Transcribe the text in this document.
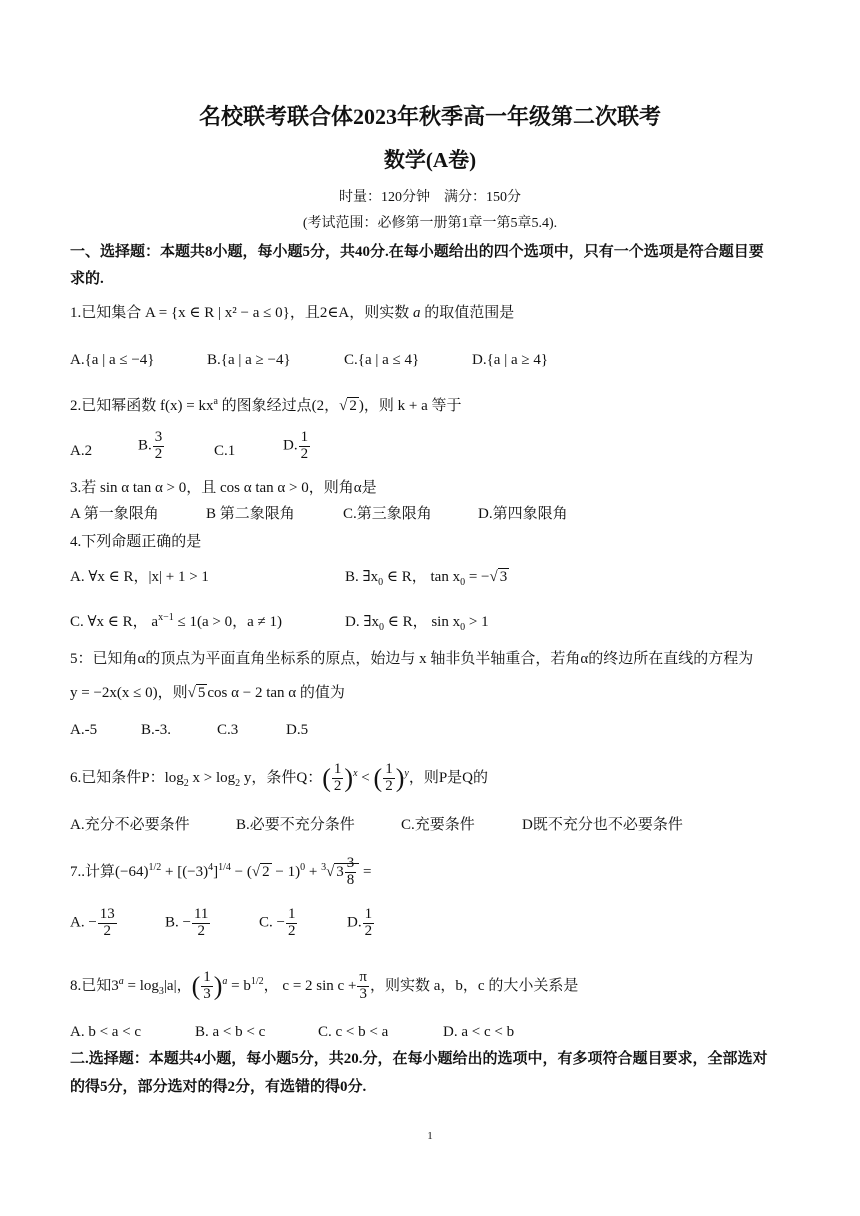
名校联考联合体2023年秋季高一年级第二次联考
数学(A卷)
时量：120分钟　满分：150分
(考试范围：必修第一册第1章一第5章5.4).
一、选择题：本题共8小题，每小题5分，共40分.在每小题给出的四个选项中，只有一个选项是符合题目要
求的.
1.已知集合 A = {x ∈ R | x² − a ≤ 0}，且2∈A，则实数 a 的取值范围是
A.{a | a ≤ −4}	B.{a | a ≥ −4}	C.{a | a ≤ 4}	D.{a | a ≥ 4}
2.已知幂函数 $f(x) = kx^a$ 的图象经过点(2，√ 2 )，则 k + a 等于
A.2	B. $\frac{3}{2}$	C.1	D. $\frac{1}{2}$
3.若 sin α tan α > 0，且 cos α tan α > 0，则角α是
A 第一象限角	B 第二象限角	C.第三象限角	D.第四象限角
4.下列命题正确的是
A. ∀x ∈ R，|x| + 1 > 1	B. $\exists x_0$ ∈ R， $\tan x_0$ = −√ 3
C. ∀x ∈ R， $a^{x-1} \le 1(a > 0$，a ≠ 1)	D. $\exists x_0$ ∈ R， $\sin x_0 > 1$
5：已知角α的顶点为平面直角坐标系的原点，始边与 x 轴非负半轴重合，若角α的终边所在直线的方程为
y = −2x(x ≤ 0)，则√ 5 cos α − 2 tan α 的值为
A.-5	B.-3.	C.3	D.5
6.已知条件P：$\log_2 x > \log_2 y$，条件Q：( $\frac{1}{2} )^x$ < ( $\frac{1}{2} )^y$，则P是Q的
A.充分不必要条件	B.必要不充分条件	C.充要条件	D既不充分也不必要条件
7..计算$(-64)^{1/2} + [(-3)^4]^{1/4}$ − (√ 2 − 1)$^0$ + $^3$√ $3 \frac{3}{8}$ =
A. − $\frac{13}{2}$	B. − $\frac{11}{2}$	C. − $\frac{1}{2}$	D. $\frac{1}{2}$
8.已知$3^a = \log_3|a|$，( $\frac{1}{3} )^a = b^{1/2}$， c = 2 $\sin c + \frac{\pi}{3}$ ，则实数 a，b，c 的大小关系是
A. b < a < c	B. a < b < c	C. c < b < a	D. a < c < b
二.选择题：本题共4小题，每小题5分，共20.分，在每小题给出的选项中，有多项符合题目要求，全部选对
的得5分，部分选对的得2分，有选错的得0分.
1
